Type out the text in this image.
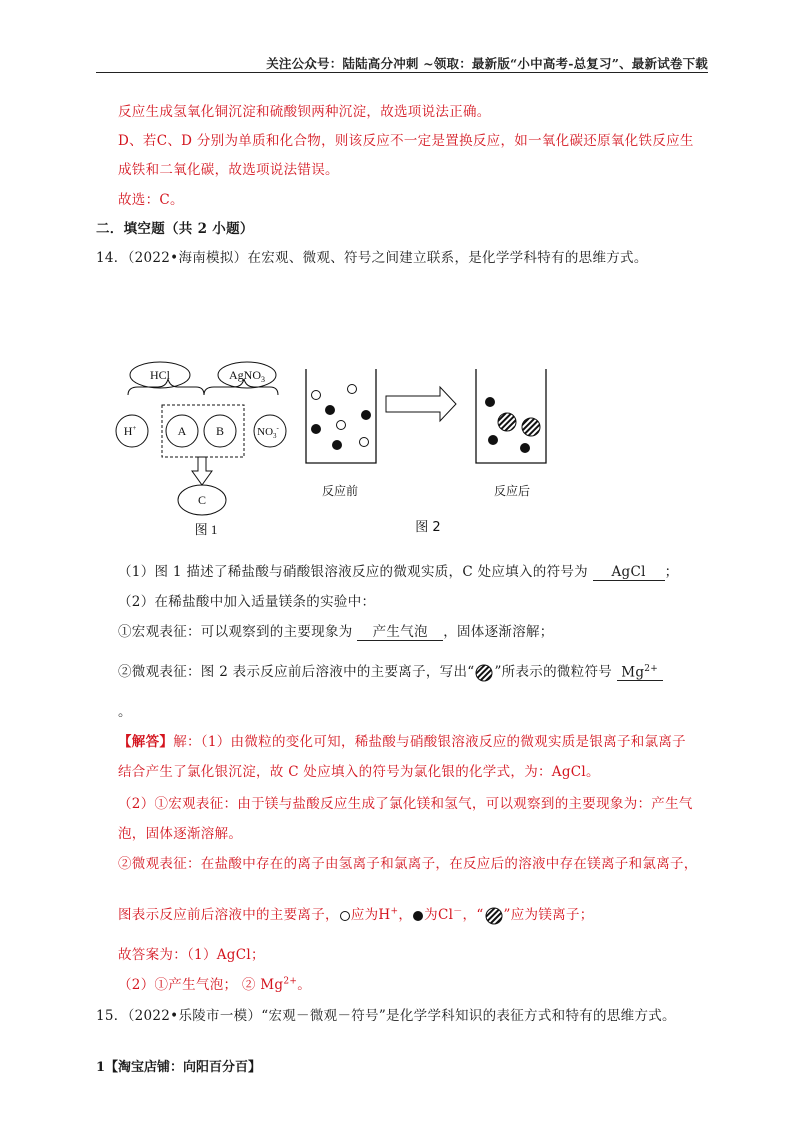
关注公众号：陆陆高分冲刺 ~领取：最新版“小中高考-总复习”、最新试卷下载
反应生成氢氧化铜沉淀和硫酸钡两种沉淀，故选项说法正确。
D、若C、D 分别为单质和化合物，则该反应不一定是置换反应，如一氧化碳还原氧化铁反应生
成铁和二氧化碳，故选项说法错误。
故选：C。
二．填空题（共 2 小题）
14．（2022•海南模拟）在宏观、微观、符号之间建立联系，是化学学科特有的思维方式。
HCl	AgNO$_3$
H+	A B	$NO_3^-$
C
图 1
反应前	反应后
图 2
（1）图 1 描述了稀盐酸与硝酸银溶液反应的微观实质，C 处应填入的符号为 AgCl ；
（2）在稀盐酸中加入适量镁条的实验中：
①宏观表征：可以观察到的主要现象为 产生气泡 ，固体逐渐溶解；
②微观表征：图 2 表示反应前后溶液中的主要离子，写出“ ”所表示的微粒符号 $Mg^{2+}$
。
【解答】解：（1）由微粒的变化可知，稀盐酸与硝酸银溶液反应的微观实质是银离子和氯离子
结合产生了氯化银沉淀，故 C 处应填入的符号为氯化银的化学式，为：AgCl。
（2）①宏观表征：由于镁与盐酸反应生成了氯化镁和氢气，可以观察到的主要现象为：产生气
泡，固体逐渐溶解。
②微观表征：在盐酸中存在的离子由氢离子和氯离子，在反应后的溶液中存在镁离子和氯离子，
图表示反应前后溶液中的主要离子， 应为H+， 为Cl－，“ ”应为镁离子；
故答案为：（1）AgCl；
（2）①产生气泡； ② $Mg^{2+}$。
15．（2022•乐陵市一模）“宏观－微观－符号”是化学学科知识的表征方式和特有的思维方式。
1【淘宝店铺：向阳百分百】
